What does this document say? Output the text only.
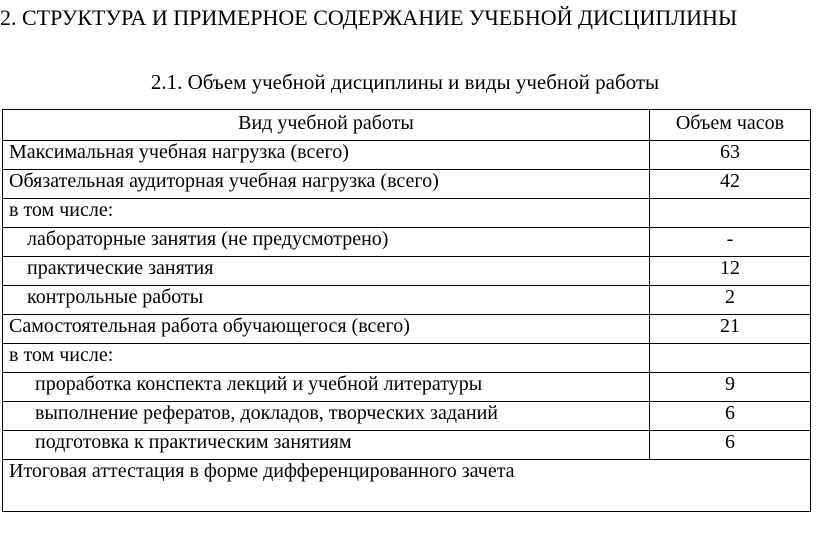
2. СТРУКТУРА И ПРИМЕРНОЕ СОДЕРЖАНИЕ УЧЕБНОЙ ДИСЦИПЛИНЫ
2.1. Объем учебной дисциплины и виды учебной работы
Вид учебной работы	Объем часов
Максимальная учебная нагрузка (всего)	63
Обязательная аудиторная учебная нагрузка (всего)	42
в том числе:	
лабораторные занятия (не предусмотрено)	-
практические занятия	12
контрольные работы	2
Самостоятельная работа обучающегося (всего)	21
в том числе:	
проработка конспекта лекций и учебной литературы	9
выполнение рефератов, докладов, творческих заданий	6
подготовка к практическим занятиям	6
Итоговая аттестация в форме дифференцированного зачета	
